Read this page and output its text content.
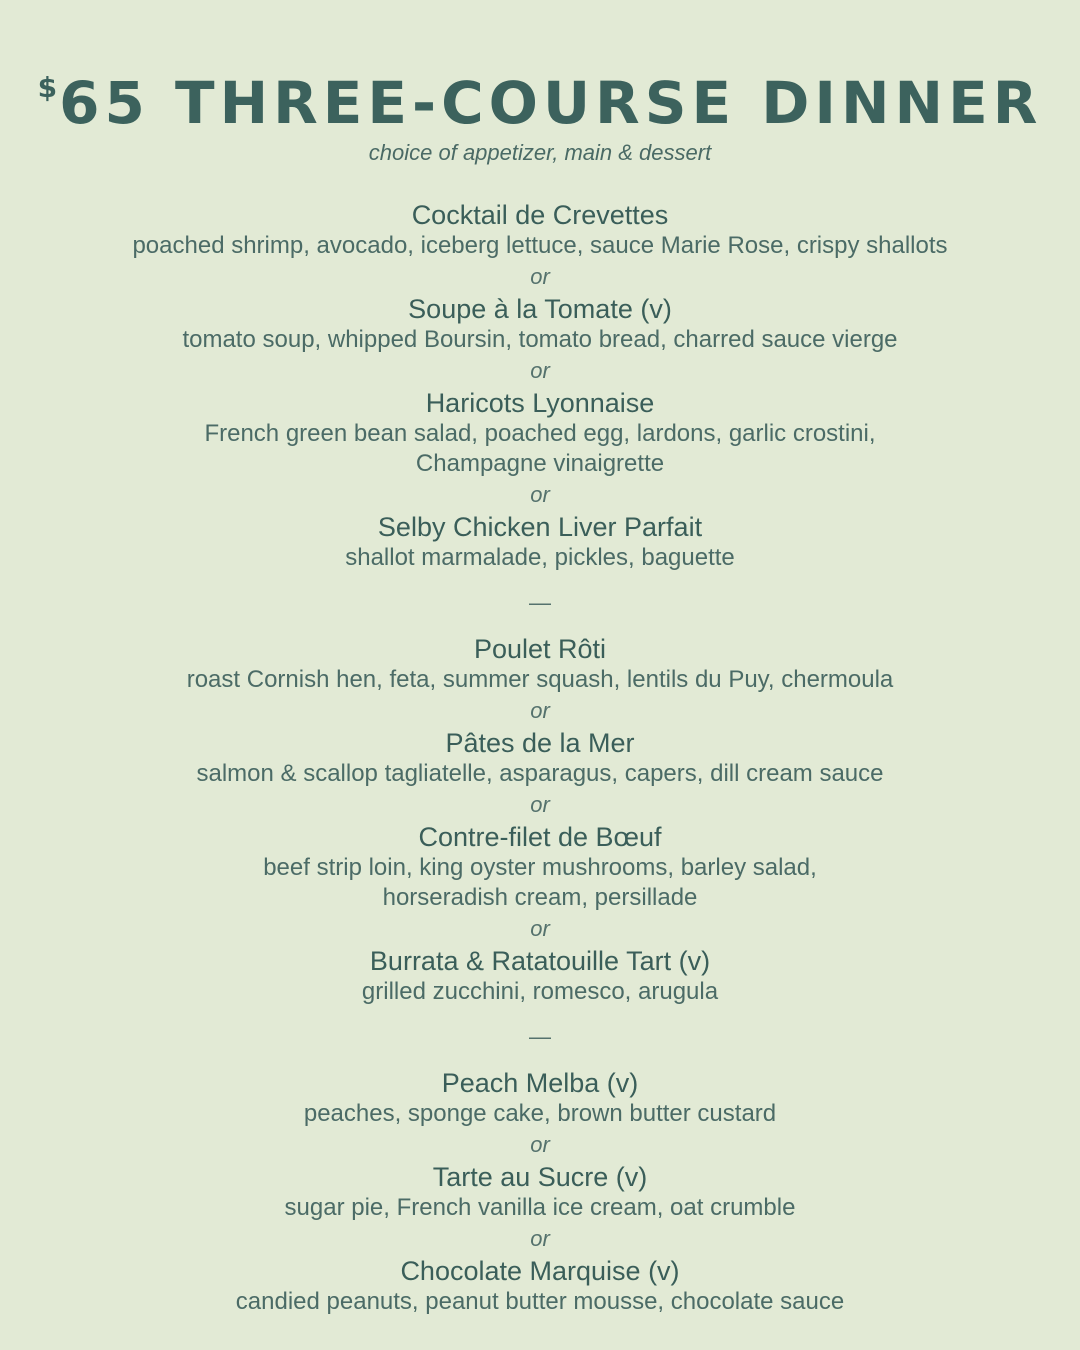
$65 THREE-COURSE DINNER
choice of appetizer, main & dessert
Cocktail de Crevettes
poached shrimp, avocado, iceberg lettuce, sauce Marie Rose, crispy shallots
or
Soupe à la Tomate (v)
tomato soup, whipped Boursin, tomato bread, charred sauce vierge
or
Haricots Lyonnaise
French green bean salad, poached egg, lardons, garlic crostini,
Champagne vinaigrette
or
Selby Chicken Liver Parfait
shallot marmalade, pickles, baguette
—
Poulet Rôti
roast Cornish hen, feta, summer squash, lentils du Puy, chermoula
or
Pâtes de la Mer
salmon & scallop tagliatelle, asparagus, capers, dill cream sauce
or
Contre-filet de Bœuf
beef strip loin, king oyster mushrooms, barley salad,
horseradish cream, persillade
or
Burrata & Ratatouille Tart (v)
grilled zucchini, romesco, arugula
—
Peach Melba (v)
peaches, sponge cake, brown butter custard
or
Tarte au Sucre (v)
sugar pie, French vanilla ice cream, oat crumble
or
Chocolate Marquise (v)
candied peanuts, peanut butter mousse, chocolate sauce
